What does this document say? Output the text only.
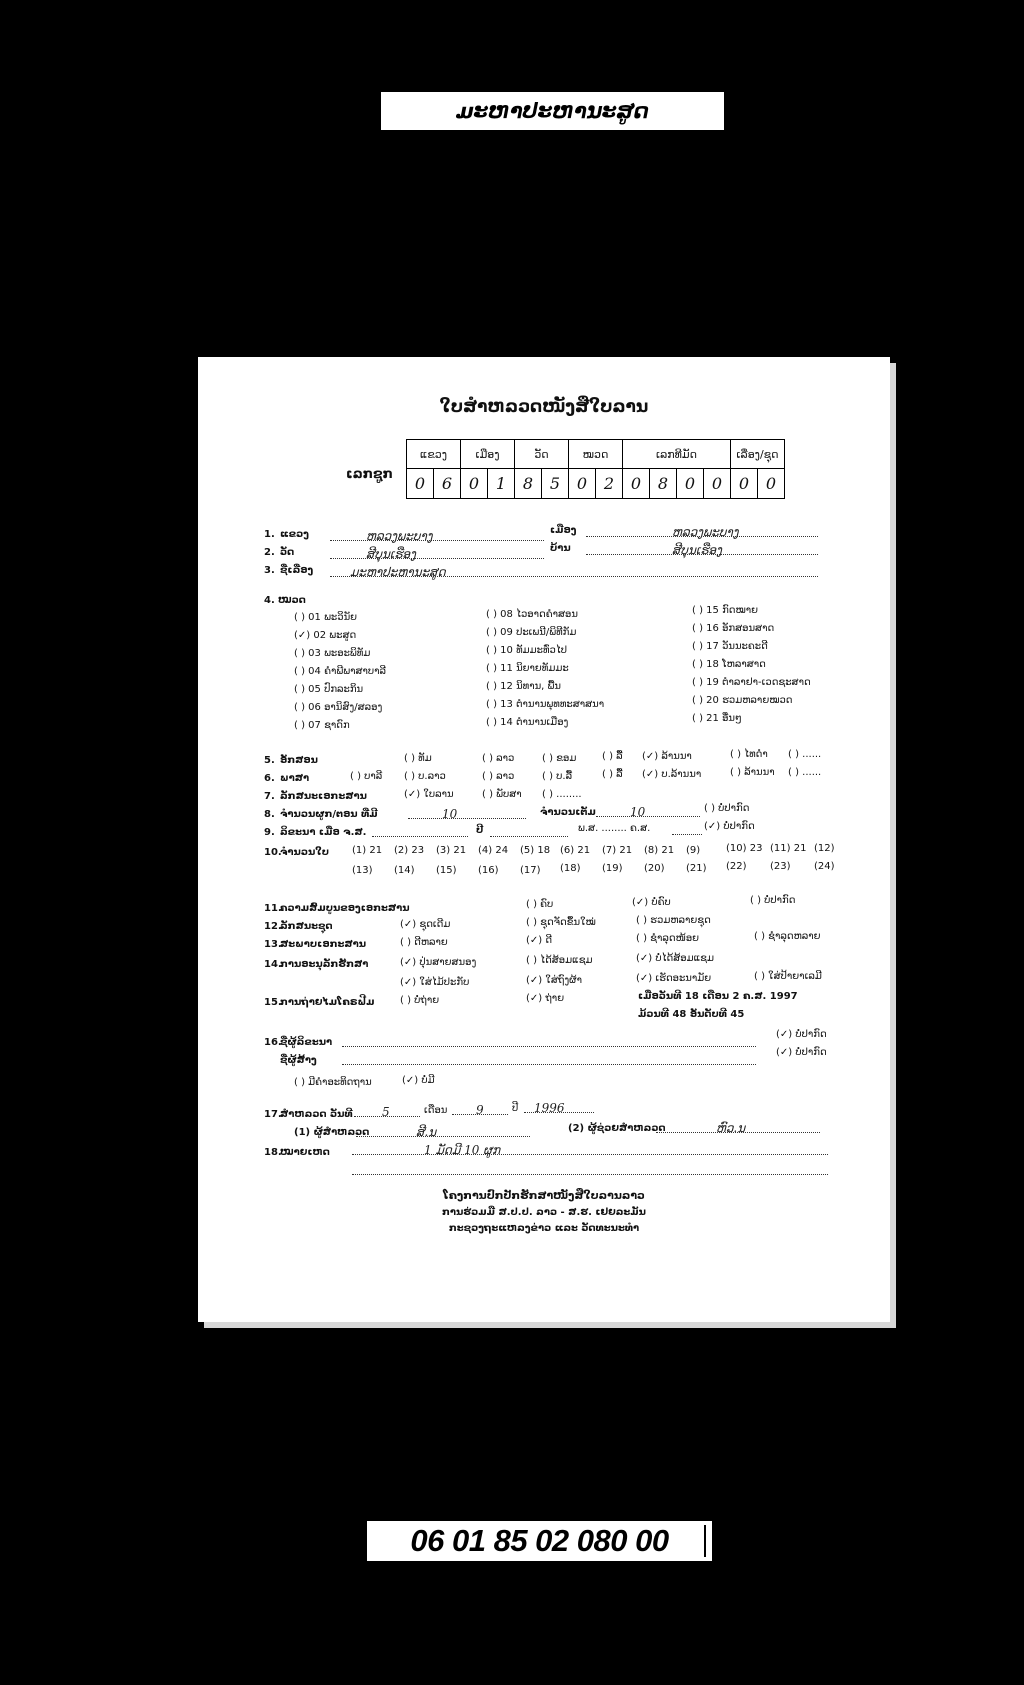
ມະຫາປະຫານະສູດ
ໃບສຳຫລວດໜັງສືໃບລານ
ເລກຊູກ
ແຂວງ		ເມືອງ		ວັດ		ໝວດ		ເລກທີມັດ				ເລື່ອງ/ຊຸດ	
0	6	0	1	8	5	0	2	0	8	0	0	0	0
1. ແຂວງ	ຫລວງພະບາງ	ເມືອງ	ຫລວງພະບາງ
2. ວັດ	ສີບຸນເຮືອງ	ບ້ານ	ສີບຸນເຮືອງ
3. ຊື່ເລື່ອງ	ມະຫາປະຫານະສູດ
4. ໝວດ
( ) 01 ພະວິນັຍ
(✓) 02 ພະສູດ
( ) 03 ພະອະພິທັມ
( ) 04 ຄຳພີພາສາບາລີ
( ) 05 ປົກລະກິນ
( ) 06 ອານິສົງ/ສລອງ
( ) 07 ຊາດົກ
( ) 08 ໄວອາດຄຳສອນ
( ) 09 ປະເພນີ/ພິທີກັມ
( ) 10 ທັມມະທົ່ວໄປ
( ) 11 ນິຍາຍທັມມະ
( ) 12 ນິທານ, ພື້ນ
( ) 13 ຕຳນານພຸທທະສາສນາ
( ) 14 ຕຳນານເມືອງ
( ) 15 ກົດໝາຍ
( ) 16 ອັກສອນສາດ
( ) 17 ວັນນະຄະດີ
( ) 18 ໂຫລາສາດ
( ) 19 ຕຳລາຢາ-ເວດຊະສາດ
( ) 20 ຮວມຫລາຍໝວດ
( ) 21 ອື່ນໆ
5. ອັກສອນ	( ) ທັມ	( ) ລາວ	( ) ຂອມ	( ) ລື້ (✓) ລ້ານນາ	( ) ໄທດຳ ( ) ......
6. ພາສາ	( ) ບາລີ ( ) ບ.ລາວ	( ) ລາວ	( ) ບ.ລື້	( ) ລື້ (✓) ບ.ລ້ານນາ	( ) ລ້ານນາ ( ) ......
7. ລັກສນະເອກະສານ	(✓) ໃບລານ	( ) ພັບສາ ( ) ........
8. ຈຳນວນຜູກ/ຕອນ ທີ່ມີ	10	ຈຳນວນເຕັມ	10	( ) ບໍ່ປາກົດ
9. ລິຂະນາ ເມື່ອ ຈ.ສ.	ປີ	ພ.ສ. ........ ຄ.ສ.	(✓) ບໍ່ປາກົດ
10.
ຈຳນວນໃບ (1) 21 (2) 23 (3) 21 (4) 24 (5) 18 (6) 21 (7) 21 (8) 21 (9)	(10) 23 (11) 21 (12)
(13) (14) (15) (16) (17) (18) (19) (20) (21) (22) (23) (24)
11.
ຄວາມສົມບູນຂອງເອກະສານ	( ) ຄົບ	(✓) ບໍ່ຄົບ	( ) ບໍ່ປາກົດ
12.
ລັກສນະຊຸດ	(✓) ຊຸດເດີມ	( ) ຊຸດຈັດຂຶ້ນໃໝ່	( ) ຮວມຫລາຍຊຸດ
13.
ສະພາບເອກະສານ	( ) ດີຫລາຍ	(✓) ດີ	( ) ຊຳລຸດໜ້ອຍ	( ) ຊຳລຸດຫລາຍ
14.
ການອະນຸລັກຮັກສາ	(✓) ປຸ່ນສາຍສນອງ	( ) ໄດ້ສ້ອມແຊມ	(✓) ບໍ່ໄດ້ສ້ອມແຊມ
(✓) ໃສ່ໄມ້ປະກັບ	(✓) ໃສ່ຖົງຜ້າ	(✓) ເຮັດອະນາມັຍ	( ) ໃສ່ປ້າຍາເລມີ
15.
ການຖ່າຍໄມໂຄຣຟີມ	( ) ບໍ່ຖ່າຍ	(✓) ຖ່າຍ	ເມື່ອວັນທີ 18 ເດືອນ 2 ຄ.ສ. 1997
ມ້ວນທີ 48 ອັນດັບທີ 45
16.
ຊື່ຜູ້ລິຂະນາ
(✓) ບໍ່ປາກົດ
ຊື່ຜູ້ສ້າງ
(✓) ບໍ່ປາກົດ
( ) ມີຄຳອະທິດຖານ	(✓) ບໍ່ມີ
17.
ສຳຫລວດ ວັນທີ	5	ເດືອນ	9	ປີ	1996
(1) ຜູ້ສຳຫລວດ	ສີ.ນ	(2) ຜູ້ຊ່ວຍສຳຫລວດ	ຫົວ.ນ
18.
ໝາຍເຫດ	1 ມັດມີ 10 ຜູກ
ໂຄງການປົກປັກຮັກສາໜັງສືໃບລານລາວ
ການຮ່ວມມື ສ.ປ.ປ. ລາວ - ສ.ຮ. ເຢຍລະມັນ
ກະຊວງຖະແຫລງຂ່າວ ແລະ ວັດທະນະທຳ
06 01 85 02 080 00
